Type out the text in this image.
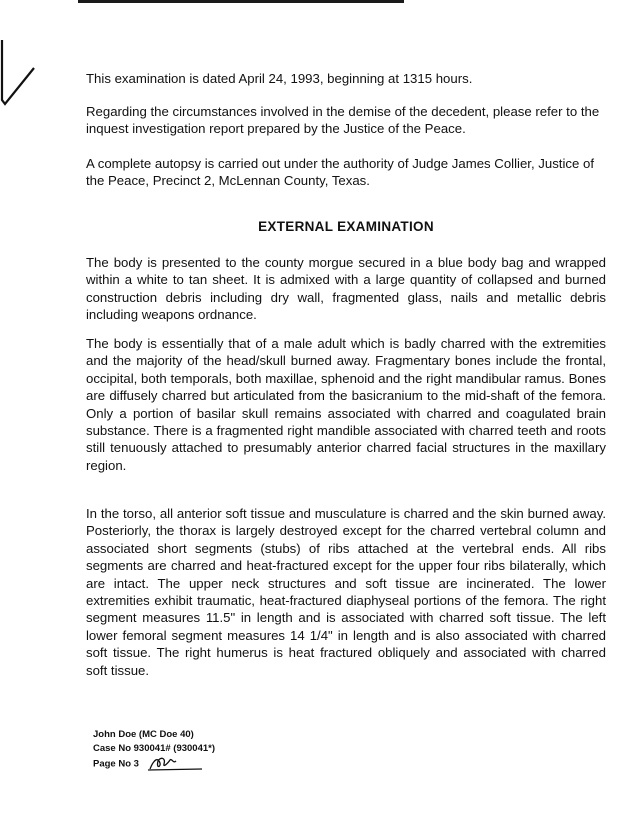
This examination is dated April 24, 1993, beginning at 1315 hours.

Regarding the circumstances involved in the demise of the decedent, please refer to the inquest investigation report prepared by the Justice of the Peace.

A complete autopsy is carried out under the authority of Judge James Collier, Justice of the Peace, Precinct 2, McLennan County, Texas.

EXTERNAL EXAMINATION

The body is presented to the county morgue secured in a blue body bag and wrapped within a white to tan sheet. It is admixed with a large quantity of collapsed and burned construction debris including dry wall, fragmented glass, nails and metallic debris including weapons ordnance.

The body is essentially that of a male adult which is badly charred with the extremities and the majority of the head/skull burned away. Fragmentary bones include the frontal, occipital, both temporals, both maxillae, sphenoid and the right mandibular ramus. Bones are diffusely charred but articulated from the basicranium to the mid-shaft of the femora. Only a portion of basilar skull remains associated with charred and coagulated brain substance. There is a fragmented right mandible associated with charred teeth and roots still tenuously attached to presumably anterior charred facial structures in the maxillary region.

In the torso, all anterior soft tissue and musculature is charred and the skin burned away. Posteriorly, the thorax is largely destroyed except for the charred vertebral column and associated short segments (stubs) of ribs attached at the vertebral ends. All ribs segments are charred and heat-fractured except for the upper four ribs bilaterally, which are intact. The upper neck structures and soft tissue are incinerated. The lower extremities exhibit traumatic, heat-fractured diaphyseal portions of the femora. The right segment measures 11.5" in length and is associated with charred soft tissue. The left lower femoral segment measures 14 1/4" in length and is also associated with charred soft tissue. The right humerus is heat fractured obliquely and associated with charred soft tissue.

John Doe (MC Doe 40)
Case No 930041# (930041*)
Page No 3
